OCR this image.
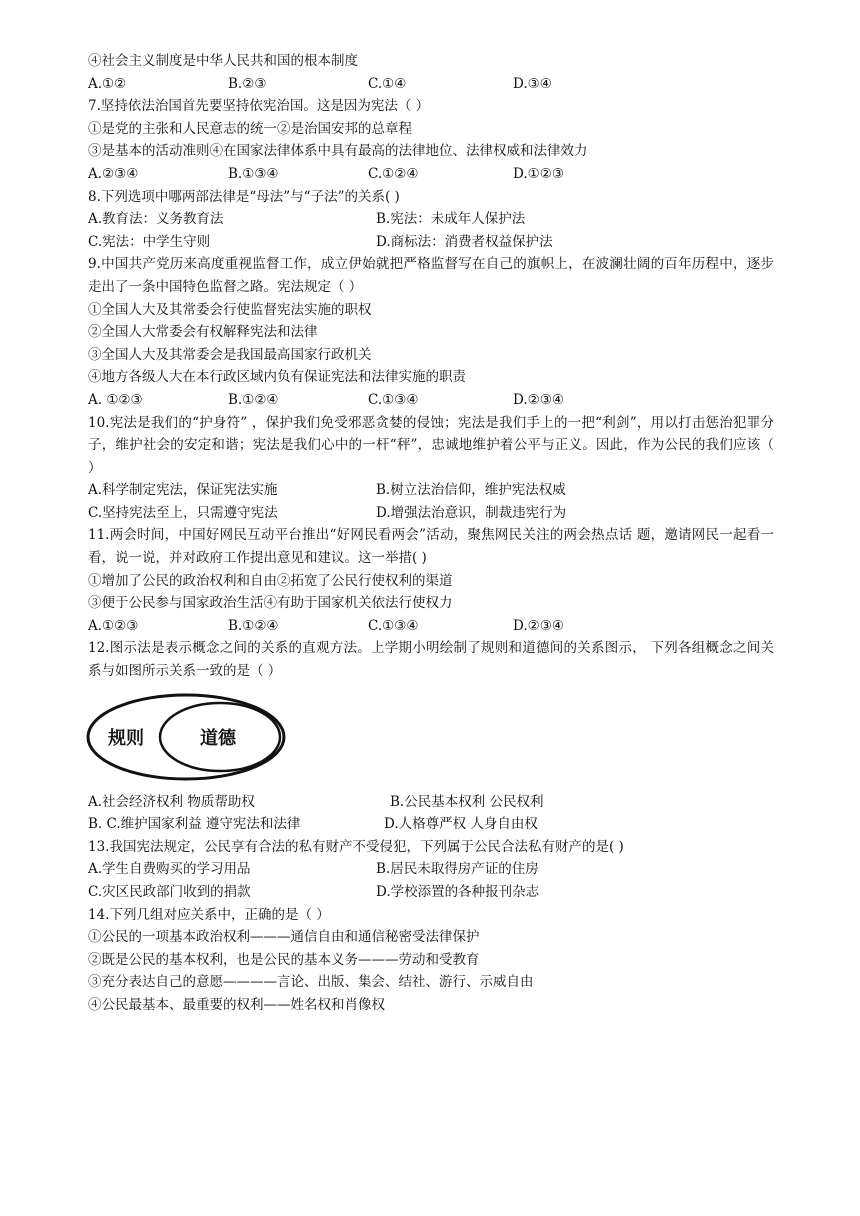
④社会主义制度是中华人民共和国的根本制度
A.①②	B.②③	C.①④	D.③④
7.坚持依法治国首先要坚持依宪治国。这是因为宪法（ ）
①是党的主张和人民意志的统一②是治国安邦的总章程
③是基本的活动准则④在国家法律体系中具有最高的法律地位、法律权威和法律效力
A.②③④	B.①③④	C.①②④	D.①②③
8.下列选项中哪两部法律是“母法”与“子法”的关系( )
A.教育法：义务教育法	B.宪法：未成年人保护法
C.宪法：中学生守则	D.商标法：消费者权益保护法
9.中国共产党历来高度重视监督工作，成立伊始就把严格监督写在自己的旗帜上，在波澜壮阔的百年历程中，逐步走出了一条中国特色监督之路。宪法规定（ ）
①全国人大及其常委会行使监督宪法实施的职权
②全国人大常委会有权解释宪法和法律
③全国人大及其常委会是我国最高国家行政机关
④地方各级人大在本行政区域内负有保证宪法和法律实施的职责
A. ①②③	B.①②④	C.①③④	D.②③④
10.宪法是我们的“护身符” ，保护我们免受邪恶贪婪的侵蚀；宪法是我们手上的一把“利剑”，用以打击惩治犯罪分子，维护社会的安定和谐；宪法是我们心中的一杆“秤”，忠诚地维护着公平与正义。因此，作为公民的我们应该（ ）
A.科学制定宪法，保证宪法实施	B.树立法治信仰，维护宪法权威
C.坚持宪法至上，只需遵守宪法	D.增强法治意识，制裁违宪行为
11.两会时间，中国好网民互动平台推出“好网民看两会”活动，聚焦网民关注的两会热点话 题，邀请网民一起看一看，说一说，并对政府工作提出意见和建议。这一举措( )
①增加了公民的政治权利和自由②拓宽了公民行使权利的渠道
③便于公民参与国家政治生活④有助于国家机关依法行使权力
A.①②③	B.①②④	C.①③④	D.②③④
12.图示法是表示概念之间的关系的直观方法。上学期小明绘制了规则和道德间的关系图示， 下列各组概念之间关系与如图所示关系一致的是（ ）
规则	道德
A.社会经济权利 物质帮助权	B.公民基本权利 公民权利
B. C.维护国家利益 遵守宪法和法律	D.人格尊严权 人身自由权
13.我国宪法规定，公民享有合法的私有财产不受侵犯，下列属于公民合法私有财产的是( )
A.学生自费购买的学习用品	B.居民未取得房产证的住房
C.灾区民政部门收到的捐款	D.学校添置的各种报刊杂志
14.下列几组对应关系中，正确的是（ ）
①公民的一项基本政治权利———通信自由和通信秘密受法律保护
②既是公民的基本权利，也是公民的基本义务———劳动和受教育
③充分表达自己的意愿————言论、出版、集会、结社、游行、示威自由
④公民最基本、最重要的权利——姓名权和肖像权
